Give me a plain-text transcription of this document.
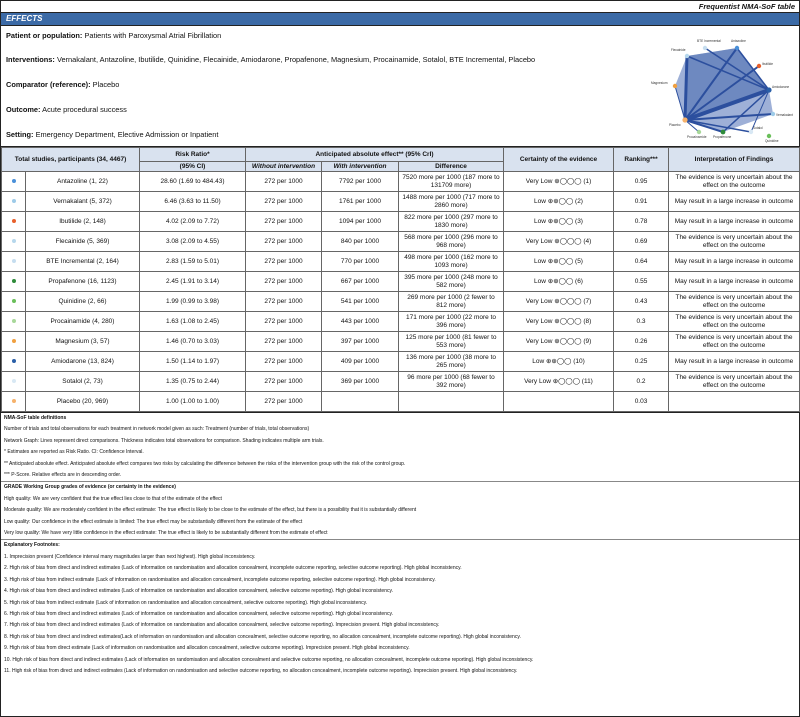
Frequentist NMA-SoF table
EFFECTS
Patient or population: Patients with Paroxysmal Atrial Fibrillation
Interventions: Vernakalant, Antazoline, Ibutilide, Quinidine, Flecainide, Amiodarone, Propafenone, Magnesium, Procainamide, Sotalol, BTE Incremental, Placebo
Comparator (reference): Placebo
Outcome: Acute procedural success
Setting: Emergency Department, Elective Admission or Inpatient
Flecainide
BTE Incremental	Antazoline
Ibutilide
Amiodarone
Magnesium
Vernakalant
Placebo
Sotalol
Procainamide Propafenone
Quinidine
Total studies, participants (34, 4467)		Risk Ratio*	Anticipated absolute effect** (95% CrI)			Certainty of the evidence	Ranking***	Interpretation of Findings
		(95% CI)	Without intervention	With intervention	Difference			
	Antazoline (1, 22)	28.60 (1.69 to 484.43)	272 per 1000	7792 per 1000	7520 more per 1000 (187 more to 131709 more)	Very Low ⊕◯◯◯ (1)	0.95	The evidence is very uncertain about the effect on the outcome
	Vernakalant (5, 372)	6.46 (3.63 to 11.50)	272 per 1000	1761 per 1000	1488 more per 1000 (717 more to 2860 more)	Low ⊕⊕◯◯ (2)	0.91	May result in a large increase in outcome
	Ibutilide (2, 148)	4.02 (2.09 to 7.72)	272 per 1000	1094 per 1000	822 more per 1000 (297 more to 1830 more)	Low ⊕⊕◯◯ (3)	0.78	May result in a large increase in outcome
	Flecainide (5, 369)	3.08 (2.09 to 4.55)	272 per 1000	840 per 1000	568 more per 1000 (296 more to 968 more)	Very Low ⊕◯◯◯ (4)	0.69	The evidence is very uncertain about the effect on the outcome
	BTE Incremental (2, 164)	2.83 (1.59 to 5.01)	272 per 1000	770 per 1000	498 more per 1000 (162 more to 1093 more)	Low ⊕⊕◯◯ (5)	0.64	May result in a large increase in outcome
	Propafenone (16, 1123)	2.45 (1.91 to 3.14)	272 per 1000	667 per 1000	395 more per 1000 (248 more to 582 more)	Low ⊕⊕◯◯ (6)	0.55	May result in a large increase in outcome
	Quinidine (2, 66)	1.99 (0.99 to 3.98)	272 per 1000	541 per 1000	269 more per 1000 (2 fewer to 812 more)	Very Low ⊕◯◯◯ (7)	0.43	The evidence is very uncertain about the effect on the outcome
	Procainamide (4, 280)	1.63 (1.08 to 2.45)	272 per 1000	443 per 1000	171 more per 1000 (22 more to 396 more)	Very Low ⊕◯◯◯ (8)	0.3	The evidence is very uncertain about the effect on the outcome
	Magnesium (3, 57)	1.46 (0.70 to 3.03)	272 per 1000	397 per 1000	125 more per 1000 (81 fewer to 553 more)	Very Low ⊕◯◯◯ (9)	0.26	The evidence is very uncertain about the effect on the outcome
	Amiodarone (13, 824)	1.50 (1.14 to 1.97)	272 per 1000	409 per 1000	136 more per 1000 (38 more to 265 more)	Low ⊕⊕◯◯ (10)	0.25	May result in a large increase in outcome
	Sotalol (2, 73)	1.35 (0.75 to 2.44)	272 per 1000	369 per 1000	96 more per 1000 (68 fewer to 392 more)	Very Low ⊕◯◯◯ (11)	0.2	The evidence is very uncertain about the effect on the outcome
	Placebo (20, 969)	1.00 (1.00 to 1.00)	272 per 1000				0.03	
NMA-SoF table definitions
Number of trials and total observations for each treatment in network model given as such: Treatment (number of trials, total observations)
Network Graph: Lines represent direct comparisons. Thickness indicates total observations for comparison. Shading indicates multiple arm trials.
* Estimates are reported as Risk Ratio. CI: Confidence Interval.
** Anticipated absolute effect. Anticipated absolute effect compares two risks by calculating the difference between the risks of the intervention group with the risk of the control group.
*** P-Score. Relative effects are in descending order.
GRADE Working Group grades of evidence (or certainty in the evidence)
High quality: We are very confident that the true effect lies close to that of the estimate of the effect
Moderate quality: We are moderately confident in the effect estimate: The true effect is likely to be close to the estimate of the effect, but there is a possibility that it is substantially different
Low quality: Our confidence in the effect estimate is limited: The true effect may be substantially different from the estimate of the effect
Very low quality: We have very little confidence in the effect estimate: The true effect is likely to be substantially different from the estimate of effect
Explanatory Footnotes:
1. Imprecision present (Confidence interval many magnitudes larger than next highest). High global inconsistency.
2. High risk of bias from direct and indirect estimates (Lack of information on randomisation and allocation concealment, incomplete outcome reporting, selective outcome reporting). High global inconsistency.
3. High risk of bias from indirect estimate (Lack of information on randomisation and allocation concealment, incomplete outcome reporting, selective outcome reporting). High global inconsistency.
4. High risk of bias from direct and indirect estimates (Lack of information on randomisation and allocation concealment, selective outcome reporting). High global inconsistency.
5. High risk of bias from indirect estimate (Lack of information on randomisation and allocation concealment, selective outcome reporting). High global inconsistency.
6. High risk of bias from direct and indirect estimates (Lack of information on randomisation and allocation concealment, selective outcome reporting). High global inconsistency.
7. High risk of bias from direct and indirect estimates (Lack of information on randomisation and allocation concealment, selective outcome reporting). Imprecision present. High global inconsistency.
8. High risk of bias from direct and indirect estimates(Lack of information on randomisation and allocation concealment, selective outcome reporting, no allocation concealment, incomplete outcome reporting). High global inconsistency.
9. High risk of bias from direct estimate (Lack of information on randomisation and allocation concealment, selective outcome reporting). Imprecision present. High global inconsistency.
10. High risk of bias from direct and indirect estimates (Lack of information on randomisation and allocation concealment and selective outcome reporting, no allocation concealment, incomplete outcome reporting). High global inconsistency.
11. High risk of bias from direct and indirect estimates (Lack of information on randomisation and selective outcome reporting, no allocation concealment, incomplete outcome reporting). Imprecision present. High global inconsistency.
